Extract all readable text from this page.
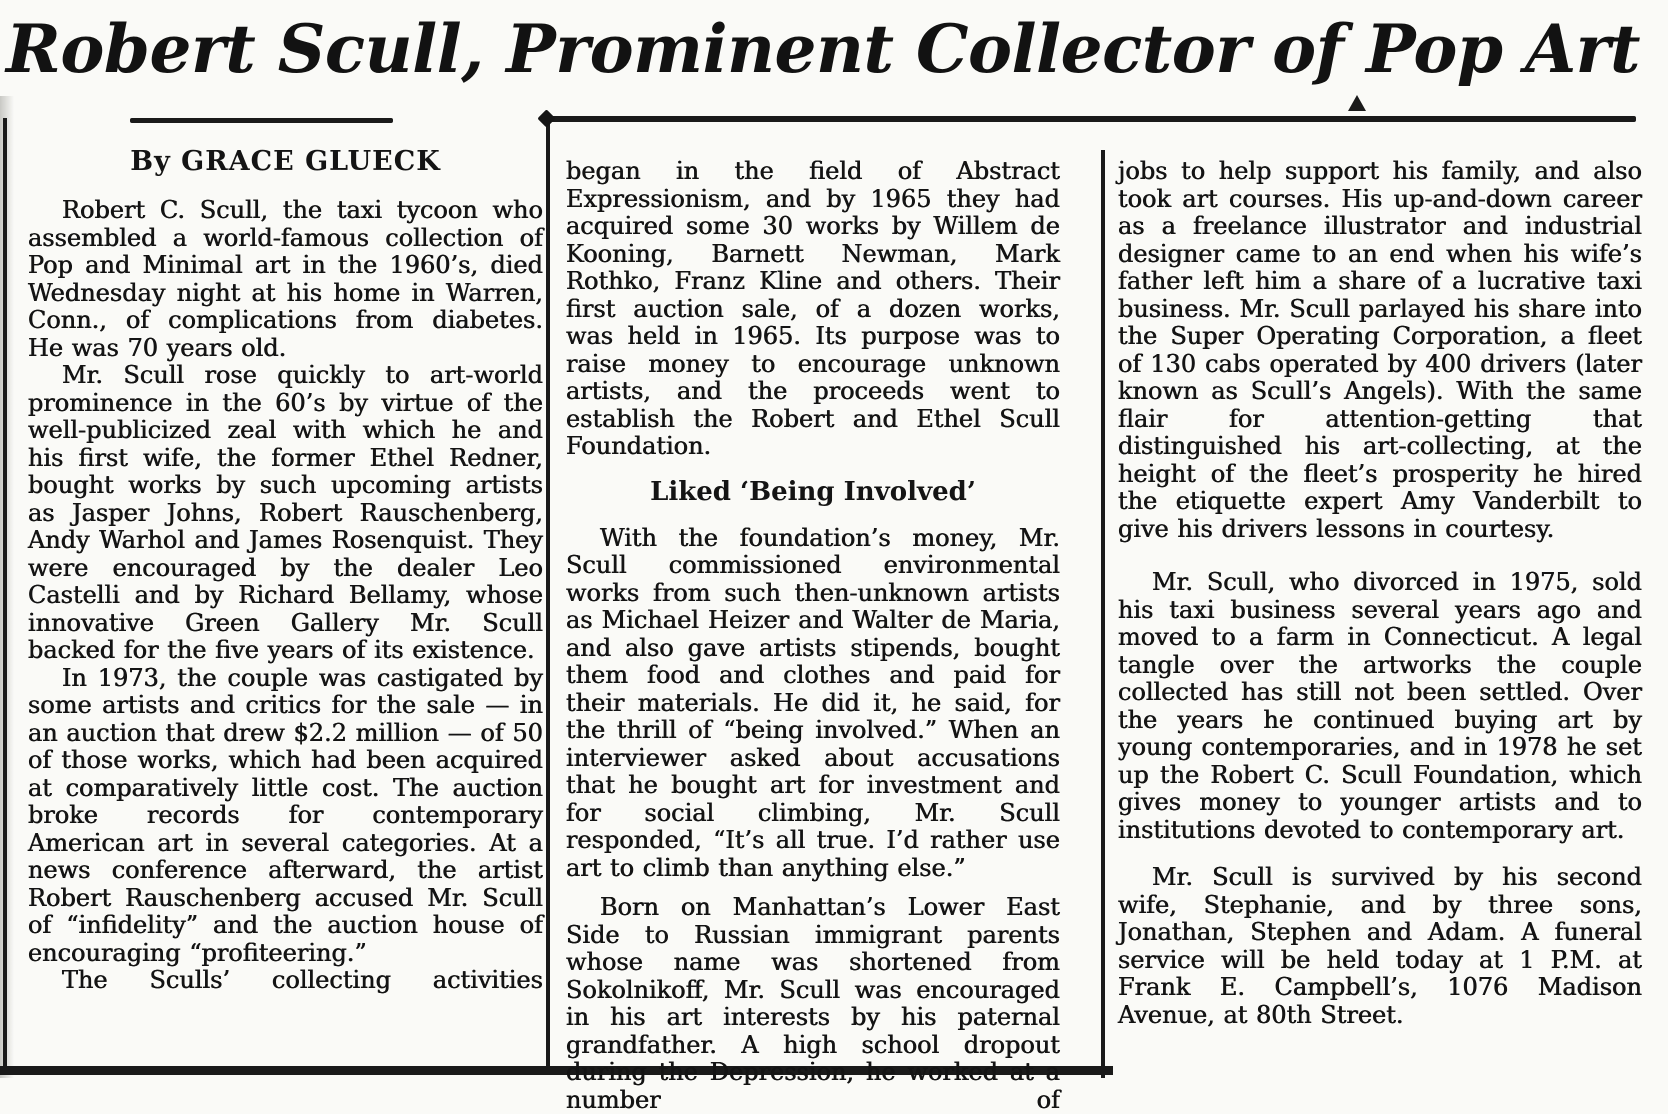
Robert Scull, Prominent Collector of Pop Art

By GRACE GLUECK

Robert C. Scull, the taxi tycoon who assembled a world-famous collection of Pop and Minimal art in the 1960’s, died Wednesday night at his home in Warren, Conn., of complications from diabetes. He was 70 years old.

Mr. Scull rose quickly to art-world prominence in the 60’s by virtue of the well-publicized zeal with which he and his first wife, the former Ethel Redner, bought works by such upcoming artists as Jasper Johns, Robert Rauschenberg, Andy Warhol and James Rosenquist. They were encouraged by the dealer Leo Castelli and by Richard Bellamy, whose innovative Green Gallery Mr. Scull backed for the five years of its existence.

In 1973, the couple was castigated by some artists and critics for the sale — in an auction that drew $2.2 million — of 50 of those works, which had been acquired at comparatively little cost. The auction broke records for contemporary American art in several categories. At a news conference afterward, the artist Robert Rauschenberg accused Mr. Scull of “infidelity” and the auction house of encouraging “profiteering.”

The Sculls’ collecting activities

began in the field of Abstract Expressionism, and by 1965 they had acquired some 30 works by Willem de Kooning, Barnett Newman, Mark Rothko, Franz Kline and others. Their first auction sale, of a dozen works, was held in 1965. Its purpose was to raise money to encourage unknown artists, and the proceeds went to establish the Robert and Ethel Scull Foundation.

Liked ‘Being Involved’

With the foundation’s money, Mr. Scull commissioned environmental works from such then-unknown artists as Michael Heizer and Walter de Maria, and also gave artists stipends, bought them food and clothes and paid for their materials. He did it, he said, for the thrill of “being involved.” When an interviewer asked about accusations that he bought art for investment and for social climbing, Mr. Scull responded, “It’s all true. I’d rather use art to climb than anything else.”

Born on Manhattan’s Lower East Side to Russian immigrant parents whose name was shortened from Sokolnikoff, Mr. Scull was encouraged in his art interests by his paternal grandfather. A high school dropout during the Depression, he worked at a number of

jobs to help support his family, and also took art courses. His up-and-down career as a freelance illustrator and industrial designer came to an end when his wife’s father left him a share of a lucrative taxi business. Mr. Scull parlayed his share into the Super Operating Corporation, a fleet of 130 cabs operated by 400 drivers (later known as Scull’s Angels). With the same flair for attention-getting that distinguished his art-collecting, at the height of the fleet’s prosperity he hired the etiquette expert Amy Vanderbilt to give his drivers lessons in courtesy.

Mr. Scull, who divorced in 1975, sold his taxi business several years ago and moved to a farm in Connecticut. A legal tangle over the artworks the couple collected has still not been settled. Over the years he continued buying art by young contemporaries, and in 1978 he set up the Robert C. Scull Foundation, which gives money to younger artists and to institutions devoted to contemporary art.

Mr. Scull is survived by his second wife, Stephanie, and by three sons, Jonathan, Stephen and Adam. A funeral service will be held today at 1 P.M. at Frank E. Campbell’s, 1076 Madison Avenue, at 80th Street.
